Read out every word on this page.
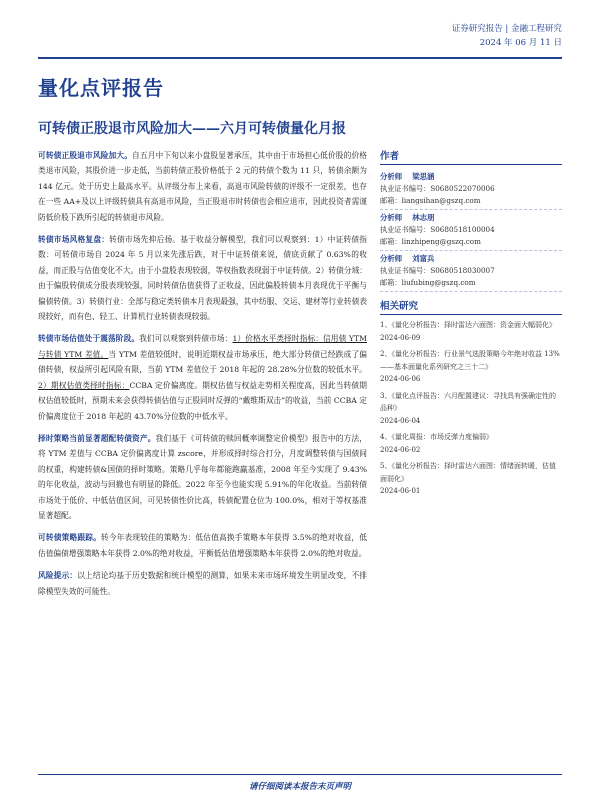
证券研究报告 | 金融工程研究
2024 年 06 月 11 日
量化点评报告
可转债正股退市风险加大——六月可转债量化月报

可转债正股退市风险加大。自五月中下旬以来小盘股显著承压，其中由于市场担心低价股的价格类退市风险，其股价进一步走低，当前转债正股价格低于 2 元的转债个数为 11 只，转债余额为 144 亿元。处于历史上最高水平。从评级分布上来看，高退市风险转债的评级不一定很差，也存在一些 AA+及以上评级转债具有高退市风险，当正股退市时转债也会相应退市，因此投资者需谨防低价股下跌所引起的转债退市风险。

转债市场风格复盘：转债市场先抑后扬。基于收益分解模型，我们可以观察到：1）中证转债指数：可转债市场自 2024 年 5 月以来先涨后跌，对于中证转债来说，债底贡献了 0.63%的收益，而正股与估值变化不大。由于小盘股表现较弱，等权指数表现弱于中证转债。2）转债分域：由于偏股转债成分股表现较强，同时转债估值获得了正收益，因此偏股转债本月表现优于平衡与偏债转债。3）转债行业：全部与稳定类转债本月表现最强，其中纺服、交运、建材等行业转债表现较好，而有色、轻工、计算机行业转债表现较弱。

转债市场估值处于震荡阶段。我们可以观察到转债市场：1）价格水平类择时指标：信用债 YTM 与转债 YTM 差值。当 YTM 差值较低时，说明近期权益市场承压，绝大部分转债已经跌成了偏债转债，权益所引起风险有限，当前 YTM 差值位于 2018 年起的 28.28%分位数的较低水平。2）期权估值类择时指标：CCBA 定价偏离度。期权估值与权益走势相关程度高，因此当转债期权估值较低时，预期未来会获得转债估值与正股同时反弹的“戴维斯双击”的收益，当前 CCBA 定价偏离度位于 2018 年起的 43.70%分位数的中低水平。

择时策略当前显著超配转债资产。我们基于《可转债的赎回概率调整定价模型》报告中的方法，将 YTM 差值与 CCBA 定价偏离度计算 zscore，并形成择时综合打分，月度调整转债与国债间的权重，构建转债&国债的择时策略。策略几乎每年都能跑赢基准，2008 年至今实现了 9.43%的年化收益，波动与回撤也有明显的降低。2022 年至今也能实现 5.91%的年化收益。当前转债市场处于低价、中低估值区间，可见转债性价比高，转债配置仓位为 100.0%，相对于等权基准显著超配。

可转债策略跟踪。转今年表现较佳的策略为：低估值高换手策略本年获得 3.5%的绝对收益，低估值偏债增强策略本年获得 2.0%的绝对收益，平衡低估值增强策略本年获得 2.0%的绝对收益。

风险提示：以上结论均基于历史数据和统计模型的测算，如果未来市场环境发生明显改变，不排除模型失效的可能性。

作者
分析师 梁思涵
执业证书编号：S0680522070006
邮箱：liangsihan@gszq.com
分析师 林志朋
执业证书编号：S0680518100004
邮箱：linzhipeng@gszq.com
分析师 刘富兵
执业证书编号：S0680518030007
邮箱：liufubing@gszq.com
相关研究
1、《量化分析报告：择时雷达六面图：资金面大幅弱化》
2024-06-09
2、《量化分析报告：行业景气选股策略今年绝对收益 13%——基本面量化系列研究之三十二》
2024-06-06
3、《量化点评报告：六月配置建议：寻找具有强确定性的品种》
2024-06-04
4、《量化周报：市场反弹力度偏弱》
2024-06-02
5、《量化分析报告：择时雷达六面图：情绪面转暖，估值面弱化》
2024-06-01
请仔细阅读本报告末页声明
